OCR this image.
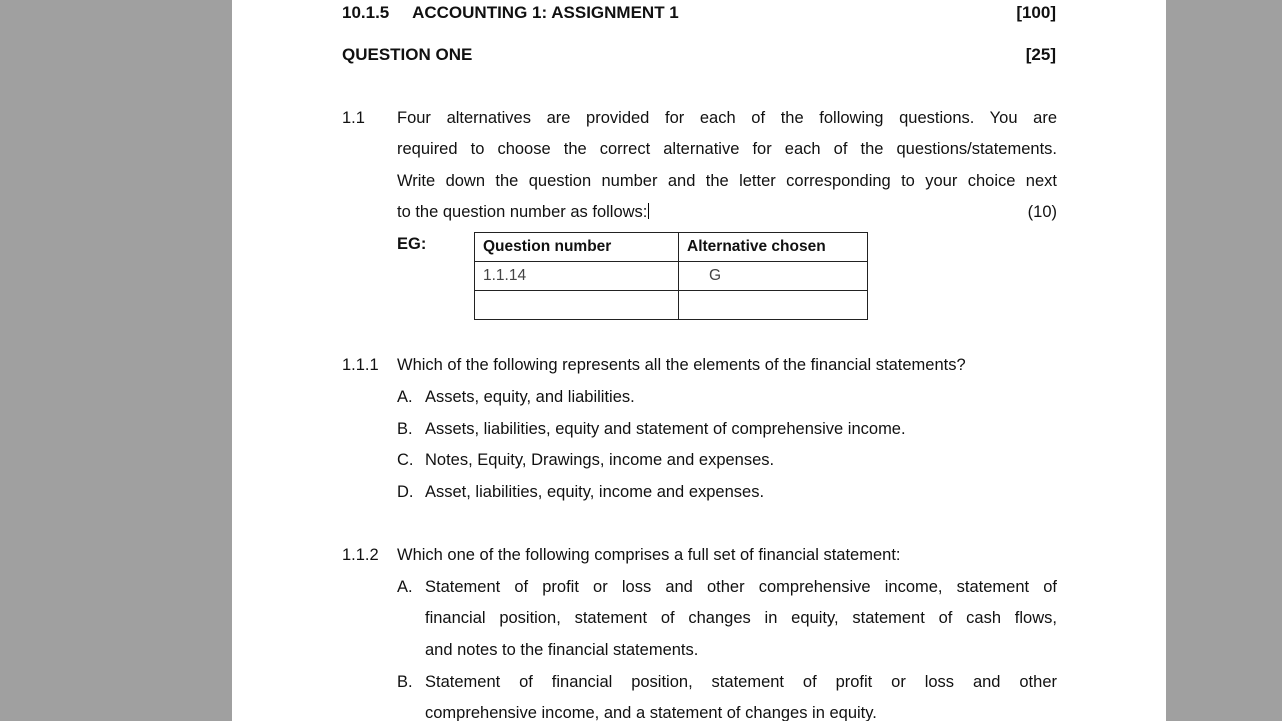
10.1.5 ACCOUNTING 1: ASSIGNMENT 1	[100]
QUESTION ONE	[25]
1.1 Four alternatives are provided for each of the following questions. You are
required to choose the correct alternative for each of the questions/statements.
Write down the question number and the letter corresponding to your choice next
to the question number as follows:	(10)
EG:	Question number	Alternative chosen
1.1.14	G

1.1.1 Which of the following represents all the elements of the financial statements?
A. Assets, equity, and liabilities.
B. Assets, liabilities, equity and statement of comprehensive income.
C. Notes, Equity, Drawings, income and expenses.
D. Asset, liabilities, equity, income and expenses.
1.1.2 Which one of the following comprises a full set of financial statement:
A. Statement of profit or loss and other comprehensive income, statement of
financial position, statement of changes in equity, statement of cash flows,
and notes to the financial statements.
B. Statement of financial position, statement of profit or loss and other
comprehensive income, and a statement of changes in equity.
